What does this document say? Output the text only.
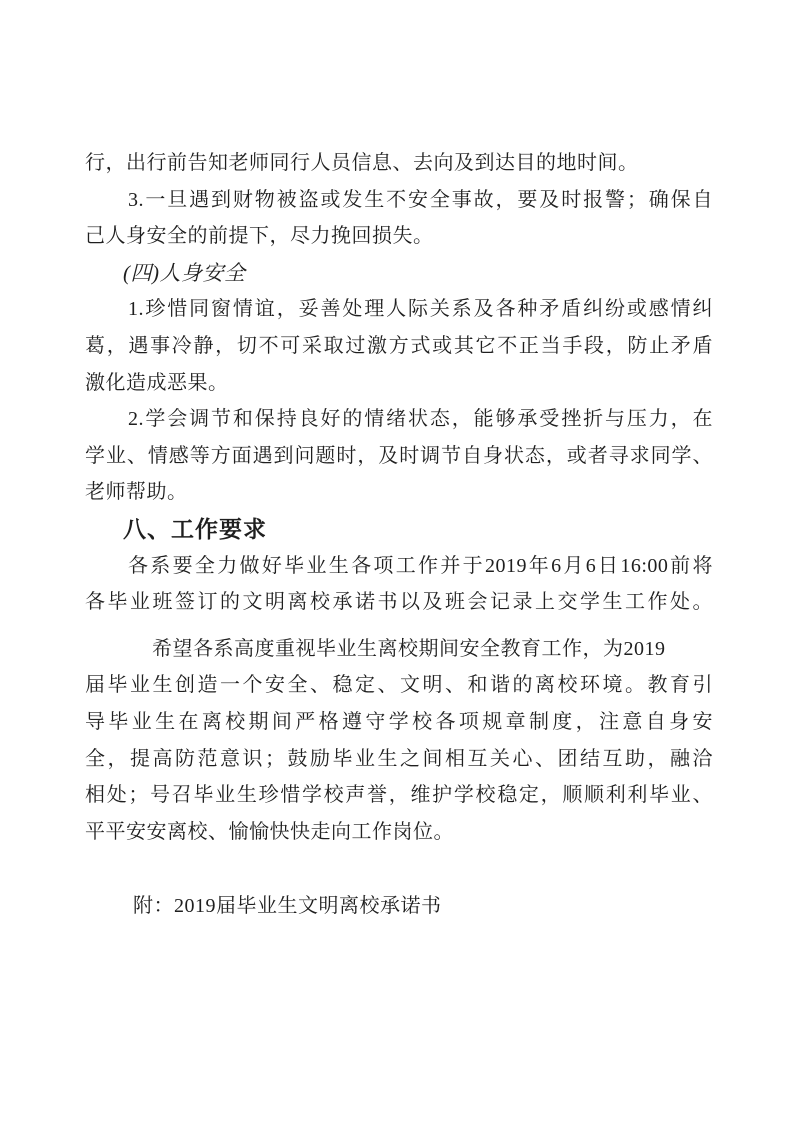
行，出行前告知老师同行人员信息、去向及到达目的地时间。
3.一旦遇到财物被盗或发生不安全事故，要及时报警；确保自
己人身安全的前提下，尽力挽回损失。
(四)人身安全
1.珍惜同窗情谊，妥善处理人际关系及各种矛盾纠纷或感情纠
葛，遇事冷静，切不可采取过激方式或其它不正当手段，防止矛盾
激化造成恶果。
2.学会调节和保持良好的情绪状态，能够承受挫折与压力，在
学业、情感等方面遇到问题时，及时调节自身状态，或者寻求同学、
老师帮助。
八、工作要求
各系要全力做好毕业生各项工作并于2019年6月6日16:00前将
各毕业班签订的文明离校承诺书以及班会记录上交学生工作处。
希望各系高度重视毕业生离校期间安全教育工作，为2019
届毕业生创造一个安全、稳定、文明、和谐的离校环境。教育引
导毕业生在离校期间严格遵守学校各项规章制度，注意自身安
全，提高防范意识；鼓励毕业生之间相互关心、团结互助，融洽
相处；号召毕业生珍惜学校声誉，维护学校稳定，顺顺利利毕业、
平平安安离校、愉愉快快走向工作岗位。
附：2019届毕业生文明离校承诺书
